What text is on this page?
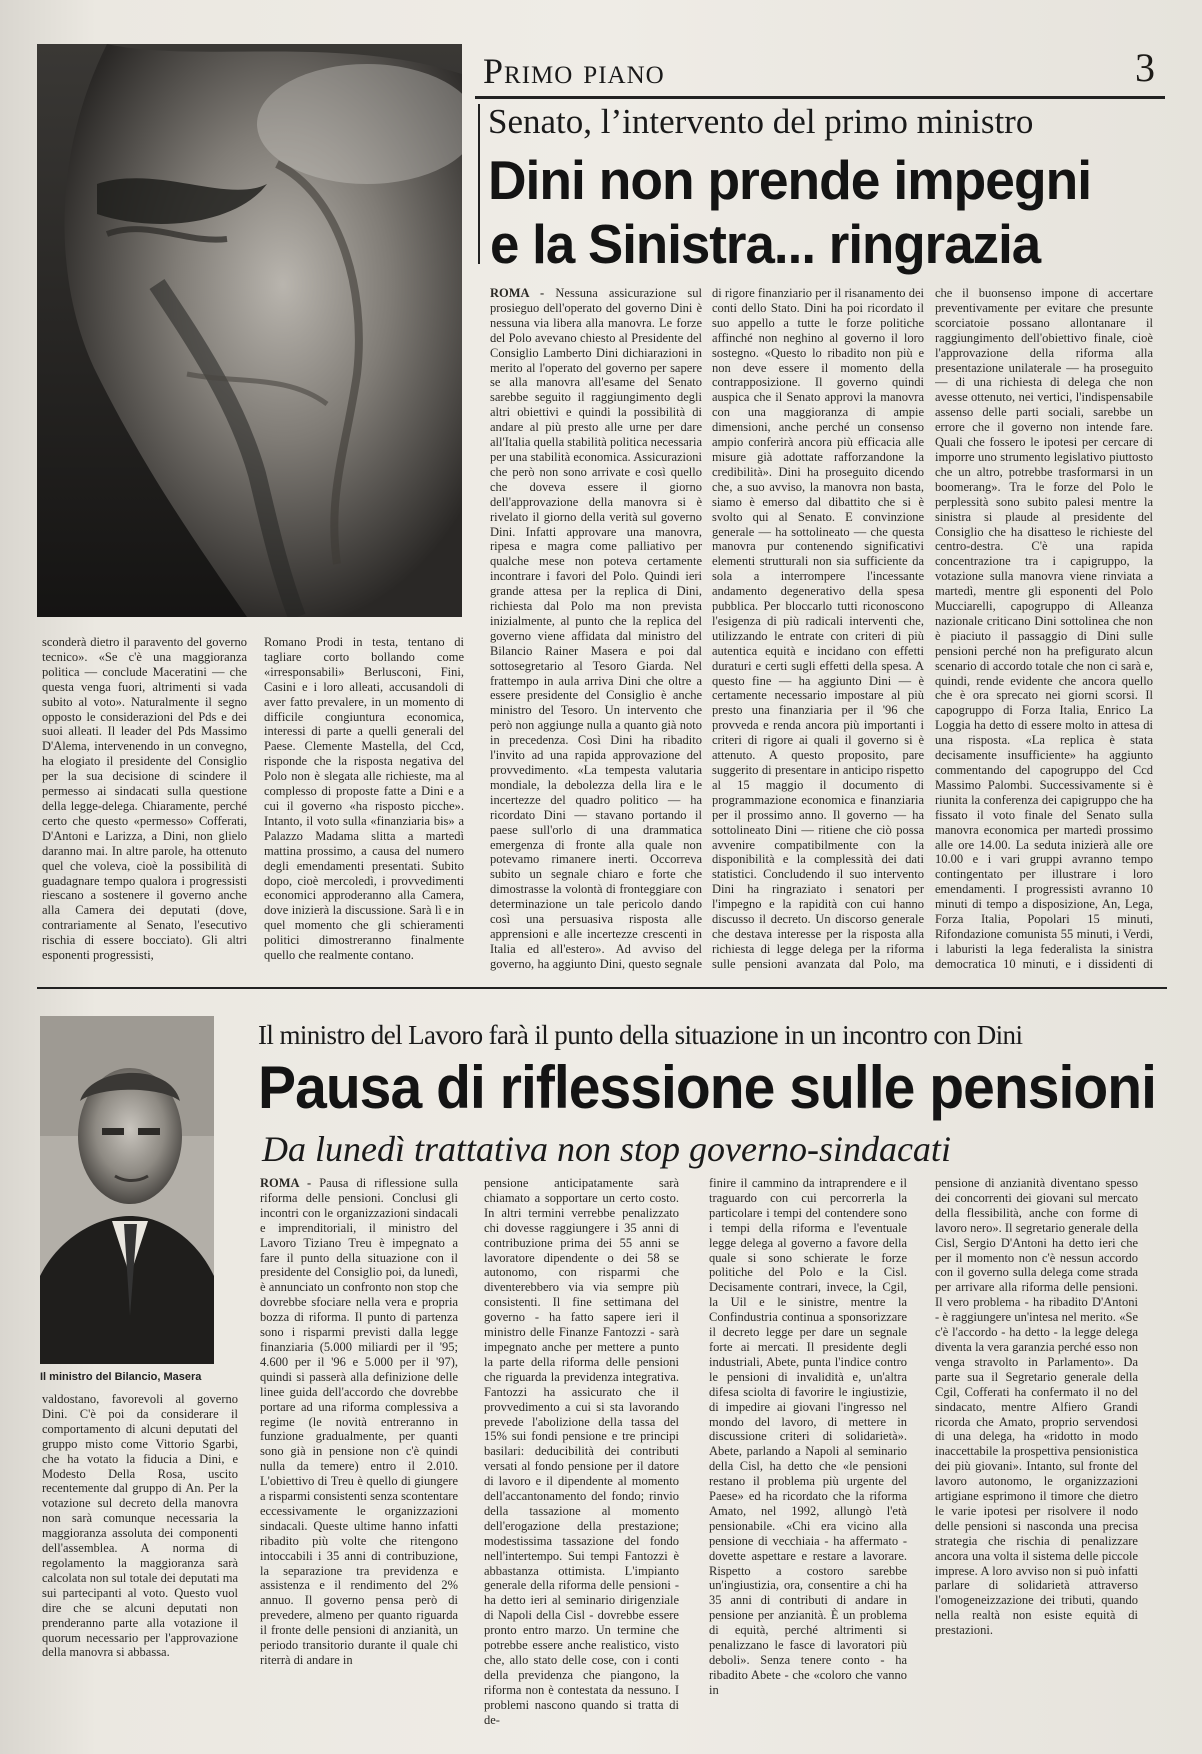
Primo piano	3
Senato, l’intervento del primo ministro
Dini non prende impegni
e la Sinistra... ringrazia

ROMA - Nessuna assicurazione sul prosieguo dell'operato del governo Dini è nessuna via libera alla manovra. Le forze del Polo avevano chiesto al Presidente del Consiglio Lamberto Dini dichiarazioni in merito al l'operato del governo per sapere se alla manovra all'esame del Senato sarebbe seguito il raggiungimento degli altri obiettivi e quindi la possibilità di andare al più presto alle urne per dare all'Italia quella stabilità politica necessaria per una stabilità economica. Assicurazioni che però non sono arrivate e così quello che doveva essere il giorno dell'approvazione della manovra si è rivelato il giorno della verità sul governo Dini. Infatti approvare una manovra, ripesa e magra come palliativo per qualche mese non poteva certamente incontrare i favori del Polo. Quindi ieri grande attesa per la replica di Dini, richiesta dal Polo ma non prevista inizialmente, al punto che la replica del governo viene affidata dal ministro del Bilancio Rainer Masera e poi dal sottosegretario al Tesoro Giarda. Nel frattempo in aula arriva Dini che oltre a essere presidente del Consiglio è anche ministro del Tesoro. Un intervento che però non aggiunge nulla a quanto già noto in precedenza. Così Dini ha ribadito l'invito ad una rapida approvazione del provvedimento. «La tempesta valutaria mondiale, la debolezza della lira e le incertezze del quadro politico — ha ricordato Dini — stavano portando il paese sull'orlo di una drammatica emergenza di fronte alla quale non potevamo rimanere inerti. Occorreva subito un segnale chiaro e forte che dimostrasse la volontà di fronteggiare con determinazione un tale pericolo dando così una persuasiva risposta alle apprensioni e alle incertezze crescenti in Italia ed all'estero». Ad avviso del governo, ha aggiunto Dini, questo segnale

di rigore finanziario per il risanamento dei conti dello Stato. Dini ha poi ricordato il suo appello a tutte le forze politiche affinché non neghino al governo il loro sostegno. «Questo lo ribadito non più e non deve essere il momento della contrapposizione. Il governo quindi auspica che il Senato approvi la manovra con una maggioranza di ampie dimensioni, anche perché un consenso ampio conferirà ancora più efficacia alle misure già adottate rafforzandone la credibilità». Dini ha proseguito dicendo che, a suo avviso, la manovra non basta, siamo è emerso dal dibattito che si è svolto qui al Senato. E convinzione generale — ha sottolineato — che questa manovra pur contenendo significativi elementi strutturali non sia sufficiente da sola a interrompere l'incessante andamento degenerativo della spesa pubblica. Per bloccarlo tutti riconoscono l'esigenza di più radicali interventi che, utilizzando le entrate con criteri di più autentica equità e incidano con effetti duraturi e certi sugli effetti della spesa. A questo fine — ha aggiunto Dini — è certamente necessario impostare al più presto una finanziaria per il '96 che provveda e renda ancora più importanti i criteri di rigore ai quali il governo si è attenuto. A questo proposito, pare suggerito di presentare in anticipo rispetto al 15 maggio il documento di programmazione economica e finanziaria per il prossimo anno. Il governo — ha sottolineato Dini — ritiene che ciò possa avvenire compatibilmente con la disponibilità e la complessità dei dati statistici. Concludendo il suo intervento Dini ha ringraziato i senatori per l'impegno e la rapidità con cui hanno discusso il decreto. Un discorso generale che destava interesse per la risposta alla richiesta di legge delega per la riforma sulle pensioni avanzata dal Polo, ma

che il buonsenso impone di accertare preventivamente per evitare che presunte scorciatoie possano allontanare il raggiungimento dell'obiettivo finale, cioè l'approvazione della riforma alla presentazione unilaterale — ha proseguito — di una richiesta di delega che non avesse ottenuto, nei vertici, l'indispensabile assenso delle parti sociali, sarebbe un errore che il governo non intende fare. Quali che fossero le ipotesi per cercare di imporre uno strumento legislativo piuttosto che un altro, potrebbe trasformarsi in un boomerang». Tra le forze del Polo le perplessità sono subito palesi mentre la sinistra si plaude al presidente del Consiglio che ha disatteso le richieste del centro-destra. C'è una rapida concentrazione tra i capigruppo, la votazione sulla manovra viene rinviata a martedì, mentre gli esponenti del Polo Mucciarelli, capogruppo di Alleanza nazionale criticano Dini sottolinea che non è piaciuto il passaggio di Dini sulle pensioni perché non ha prefigurato alcun scenario di accordo totale che non ci sarà e, quindi, rende evidente che ancora quello che è ora sprecato nei giorni scorsi. Il capogruppo di Forza Italia, Enrico La Loggia ha detto di essere molto in attesa di una risposta. «La replica è stata decisamente insufficiente» ha aggiunto commentando del capogruppo del Ccd Massimo Palombi. Successivamente si è riunita la conferenza dei capigruppo che ha fissato il voto finale del Senato sulla manovra economica per martedì prossimo alle ore 14.00. La seduta inizierà alle ore 10.00 e i vari gruppi avranno tempo contingentato per illustrare i loro emendamenti. I progressisti avranno 10 minuti di tempo a disposizione, An, Lega, Forza Italia, Popolari 15 minuti, Rifondazione comunista 55 minuti, i Verdi, i laburisti la lega federalista la sinistra democratica 10 minuti, e i dissidenti di

sconderà dietro il paravento del governo tecnico». «Se c'è una maggioranza politica — conclude Maceratini — che questa venga fuori, altrimenti si vada subito al voto». Naturalmente il segno opposto le considerazioni del Pds e dei suoi alleati. Il leader del Pds Massimo D'Alema, intervenendo in un convegno, ha elogiato il presidente del Consiglio per la sua decisione di scindere il permesso ai sindacati sulla questione della legge-delega. Chiaramente, perché certo che questo «permesso» Cofferati, D'Antoni e Larizza, a Dini, non glielo daranno mai. In altre parole, ha ottenuto quel che voleva, cioè la possibilità di guadagnare tempo qualora i progressisti riescano a sostenere il governo anche alla Camera dei deputati (dove, contrariamente al Senato, l'esecutivo rischia di essere bocciato). Gli altri esponenti progressisti,

Romano Prodi in testa, tentano di tagliare corto bollando come «irresponsabili» Berlusconi, Fini, Casini e i loro alleati, accusandoli di aver fatto prevalere, in un momento di difficile congiuntura economica, interessi di parte a quelli generali del Paese. Clemente Mastella, del Ccd, risponde che la risposta negativa del Polo non è slegata alle richieste, ma al complesso di proposte fatte a Dini e a cui il governo «ha risposto picche». Intanto, il voto sulla «finanziaria bis» a Palazzo Madama slitta a martedì mattina prossimo, a causa del numero degli emendamenti presentati. Subito dopo, cioè mercoledì, i provvedimenti economici approderanno alla Camera, dove inizierà la discussione. Sarà lì e in quel momento che gli schieramenti politici dimostreranno finalmente quello che realmente contano.

Il ministro del Bilancio, Masera
Il ministro del Lavoro farà il punto della situazione in un incontro con Dini
Pausa di riflessione sulle pensioni
Da lunedì trattativa non stop governo-sindacati

ROMA - Pausa di riflessione sulla riforma delle pensioni. Conclusi gli incontri con le organizzazioni sindacali e imprenditoriali, il ministro del Lavoro Tiziano Treu è impegnato a fare il punto della situazione con il presidente del Consiglio poi, da lunedì, è annunciato un confronto non stop che dovrebbe sfociare nella vera e propria bozza di riforma. Il punto di partenza sono i risparmi previsti dalla legge finanziaria (5.000 miliardi per il '95; 4.600 per il '96 e 5.000 per il '97), quindi si passerà alla definizione delle linee guida dell'accordo che dovrebbe portare ad una riforma complessiva a regime (le novità entreranno in funzione gradualmente, per quanti sono già in pensione non c'è quindi nulla da temere) entro il 2.010. L'obiettivo di Treu è quello di giungere a risparmi consistenti senza scontentare eccessivamente le organizzazioni sindacali. Queste ultime hanno infatti ribadito più volte che ritengono intoccabili i 35 anni di contribuzione, la separazione tra previdenza e assistenza e il rendimento del 2% annuo. Il governo pensa però di prevedere, almeno per quanto riguarda il fronte delle pensioni di anzianità, un periodo transitorio durante il quale chi riterrà di andare in

pensione anticipatamente sarà chiamato a sopportare un certo costo. In altri termini verrebbe penalizzato chi dovesse raggiungere i 35 anni di contribuzione prima dei 55 anni se lavoratore dipendente o dei 58 se autonomo, con risparmi che diventerebbero via via sempre più consistenti. Il fine settimana del governo - ha fatto sapere ieri il ministro delle Finanze Fantozzi - sarà impegnato anche per mettere a punto la parte della riforma delle pensioni che riguarda la previdenza integrativa. Fantozzi ha assicurato che il provvedimento a cui si sta lavorando prevede l'abolizione della tassa del 15% sui fondi pensione e tre principi basilari: deducibilità dei contributi versati al fondo pensione per il datore di lavoro e il dipendente al momento dell'accantonamento del fondo; rinvio della tassazione al momento dell'erogazione della prestazione; modestissima tassazione del fondo nell'intertempo. Sui tempi Fantozzi è abbastanza ottimista. L'impianto generale della riforma delle pensioni - ha detto ieri al seminario dirigenziale di Napoli della Cisl - dovrebbe essere pronto entro marzo. Un termine che potrebbe essere anche realistico, visto che, allo stato delle cose, con i conti della previdenza che piangono, la riforma non è contestata da nessuno. I problemi nascono quando si tratta di de-

finire il cammino da intraprendere e il traguardo con cui percorrerla la particolare i tempi del contendere sono i tempi della riforma e l'eventuale legge delega al governo a favore della quale si sono schierate le forze politiche del Polo e la Cisl. Decisamente contrari, invece, la Cgil, la Uil e le sinistre, mentre la Confindustria continua a sponsorizzare il decreto legge per dare un segnale forte ai mercati. Il presidente degli industriali, Abete, punta l'indice contro le pensioni di invalidità e, un'altra difesa sciolta di favorire le ingiustizie, di impedire ai giovani l'ingresso nel mondo del lavoro, di mettere in discussione criteri di solidarietà». Abete, parlando a Napoli al seminario della Cisl, ha detto che «le pensioni restano il problema più urgente del Paese» ed ha ricordato che la riforma Amato, nel 1992, allungò l'età pensionabile. «Chi era vicino alla pensione di vecchiaia - ha affermato - dovette aspettare e restare a lavorare. Rispetto a costoro sarebbe un'ingiustizia, ora, consentire a chi ha 35 anni di contributi di andare in pensione per anzianità. È un problema di equità, perché altrimenti si penalizzano le fasce di lavoratori più deboli». Senza tenere conto - ha ribadito Abete - che «coloro che vanno in

pensione di anzianità diventano spesso dei concorrenti dei giovani sul mercato della flessibilità, anche con forme di lavoro nero». Il segretario generale della Cisl, Sergio D'Antoni ha detto ieri che per il momento non c'è nessun accordo con il governo sulla delega come strada per arrivare alla riforma delle pensioni. Il vero problema - ha ribadito D'Antoni - è raggiungere un'intesa nel merito. «Se c'è l'accordo - ha detto - la legge delega diventa la vera garanzia perché esso non venga stravolto in Parlamento». Da parte sua il Segretario generale della Cgil, Cofferati ha confermato il no del sindacato, mentre Alfiero Grandi ricorda che Amato, proprio servendosi di una delega, ha «ridotto in modo inaccettabile la prospettiva pensionistica dei più giovani». Intanto, sul fronte del lavoro autonomo, le organizzazioni artigiane esprimono il timore che dietro le varie ipotesi per risolvere il nodo delle pensioni si nasconda una precisa strategia che rischia di penalizzare ancora una volta il sistema delle piccole imprese. A loro avviso non si può infatti parlare di solidarietà attraverso l'omogeneizzazione dei tributi, quando nella realtà non esiste equità di prestazioni.

valdostano, favorevoli al governo Dini. C'è poi da considerare il comportamento di alcuni deputati del gruppo misto come Vittorio Sgarbi, che ha votato la fiducia a Dini, e Modesto Della Rosa, uscito recentemente dal gruppo di An. Per la votazione sul decreto della manovra non sarà comunque necessaria la maggioranza assoluta dei componenti dell'assemblea. A norma di regolamento la maggioranza sarà calcolata non sul totale dei deputati ma sui partecipanti al voto. Questo vuol dire che se alcuni deputati non prenderanno parte alla votazione il quorum necessario per l'approvazione della manovra si abbassa.
